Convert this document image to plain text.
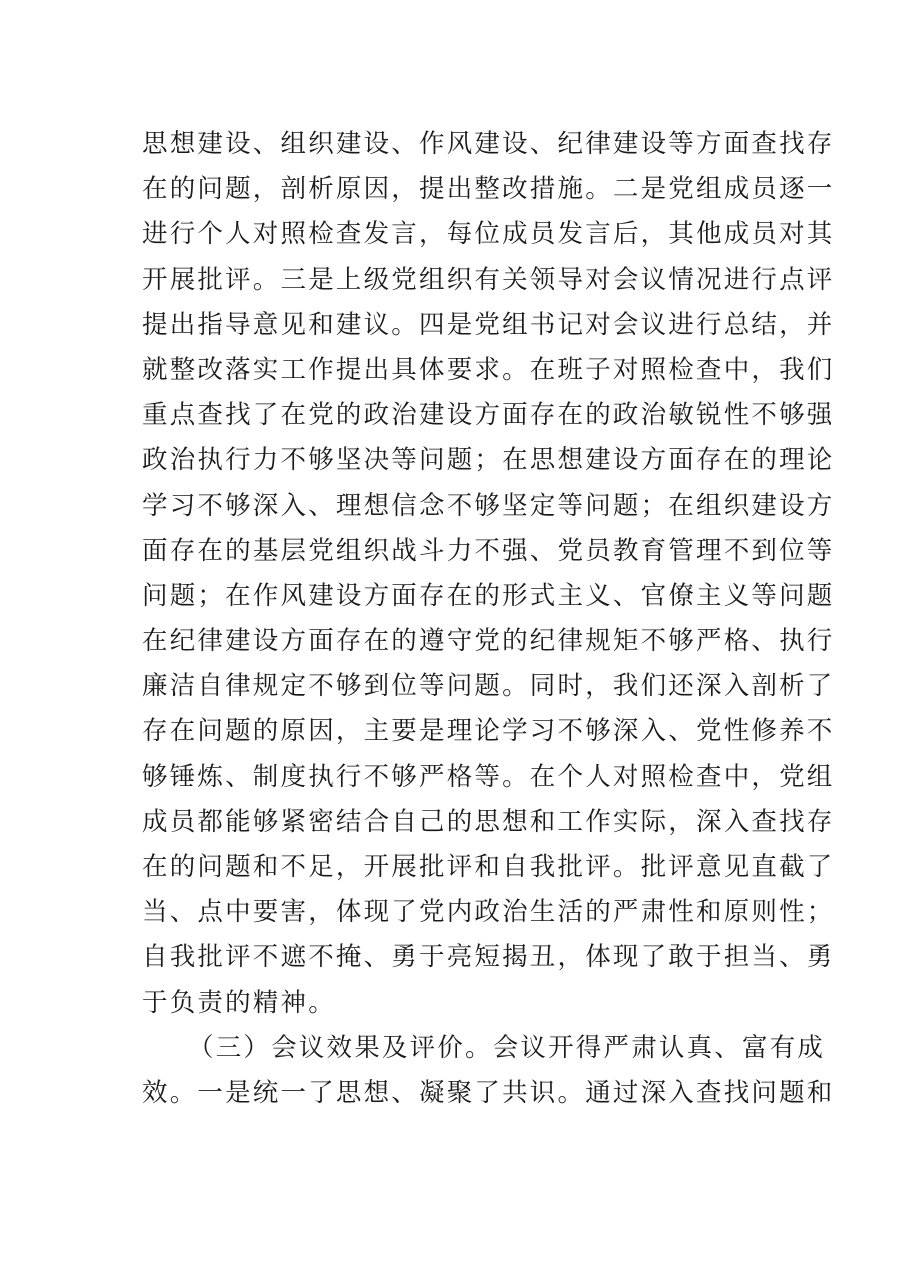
思想建设、组织建设、作风建设、纪律建设等方面查找存
在的问题，剖析原因，提出整改措施。二是党组成员逐一
进行个人对照检查发言，每位成员发言后，其他成员对其
开展批评。三是上级党组织有关领导对会议情况进行点评
提出指导意见和建议。四是党组书记对会议进行总结，并
就整改落实工作提出具体要求。在班子对照检查中，我们
重点查找了在党的政治建设方面存在的政治敏锐性不够强
政治执行力不够坚决等问题；在思想建设方面存在的理论
学习不够深入、理想信念不够坚定等问题；在组织建设方
面存在的基层党组织战斗力不强、党员教育管理不到位等
问题；在作风建设方面存在的形式主义、官僚主义等问题
在纪律建设方面存在的遵守党的纪律规矩不够严格、执行
廉洁自律规定不够到位等问题。同时，我们还深入剖析了
存在问题的原因，主要是理论学习不够深入、党性修养不
够锤炼、制度执行不够严格等。在个人对照检查中，党组
成员都能够紧密结合自己的思想和工作实际，深入查找存
在的问题和不足，开展批评和自我批评。批评意见直截了
当、点中要害，体现了党内政治生活的严肃性和原则性；
自我批评不遮不掩、勇于亮短揭丑，体现了敢于担当、勇
于负责的精神。
（三）会议效果及评价。会议开得严肃认真、富有成
效。一是统一了思想、凝聚了共识。通过深入查找问题和
